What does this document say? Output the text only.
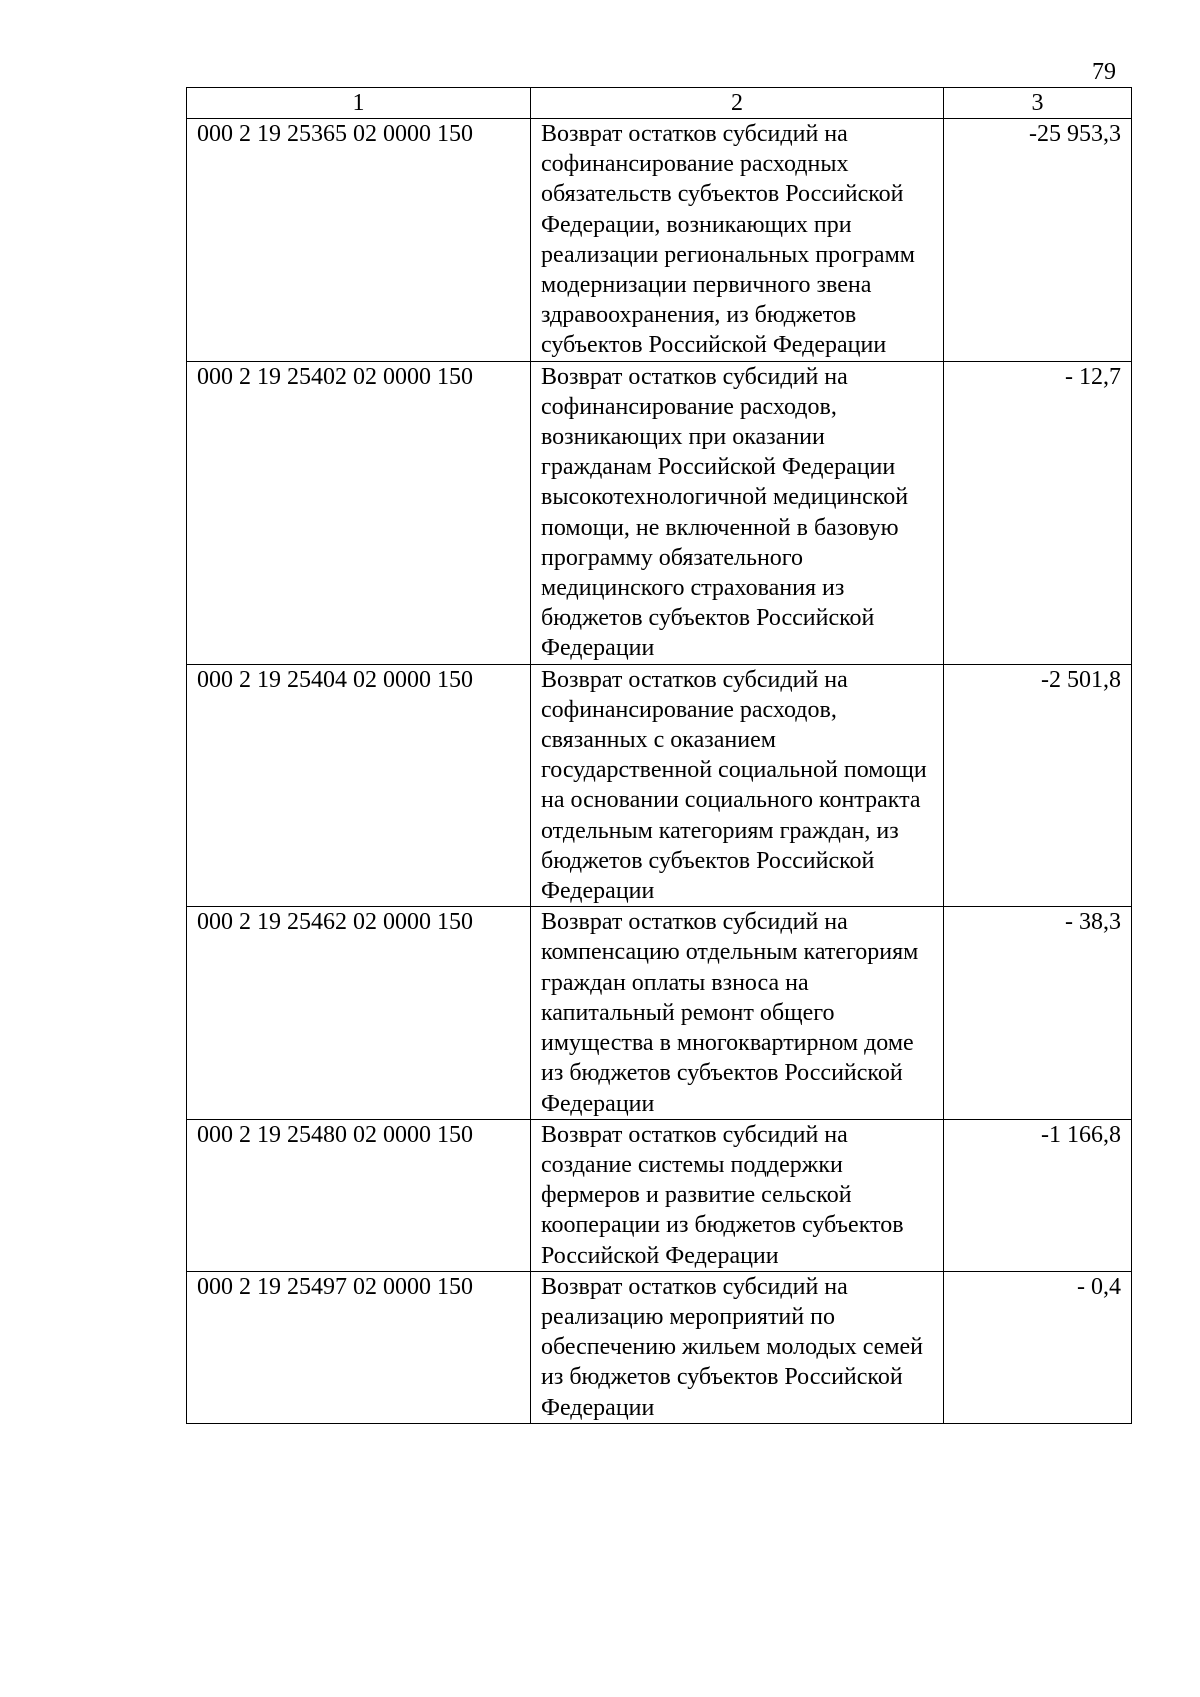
79
1	2	3
000 2 19 25365 02 0000 150	Возврат остатков субсидий на софинансирование расходных обязательств субъектов Российской Федерации, возникающих при реализации региональных программ модернизации первичного звена здравоохранения, из бюджетов субъектов Российской Федерации	-25 953,3
000 2 19 25402 02 0000 150	Возврат остатков субсидий на софинансирование расходов, возникающих при оказании гражданам Российской Федерации высокотехнологичной медицинской помощи, не включенной в базовую программу обязательного медицинского страхования из бюджетов субъектов Российской Федерации	- 12,7
000 2 19 25404 02 0000 150	Возврат остатков субсидий на софинансирование расходов, связанных с оказанием государственной социальной помощи на основании социального контракта отдельным категориям граждан, из бюджетов субъектов Российской Федерации	-2 501,8
000 2 19 25462 02 0000 150	Возврат остатков субсидий на компенсацию отдельным категориям граждан оплаты взноса на капитальный ремонт общего имущества в многоквартирном доме из бюджетов субъектов Российской Федерации	- 38,3
000 2 19 25480 02 0000 150	Возврат остатков субсидий на создание системы поддержки фермеров и развитие сельской кооперации из бюджетов субъектов Российской Федерации	-1 166,8
000 2 19 25497 02 0000 150	Возврат остатков субсидий на реализацию мероприятий по обеспечению жильем молодых семей из бюджетов субъектов Российской Федерации	- 0,4
